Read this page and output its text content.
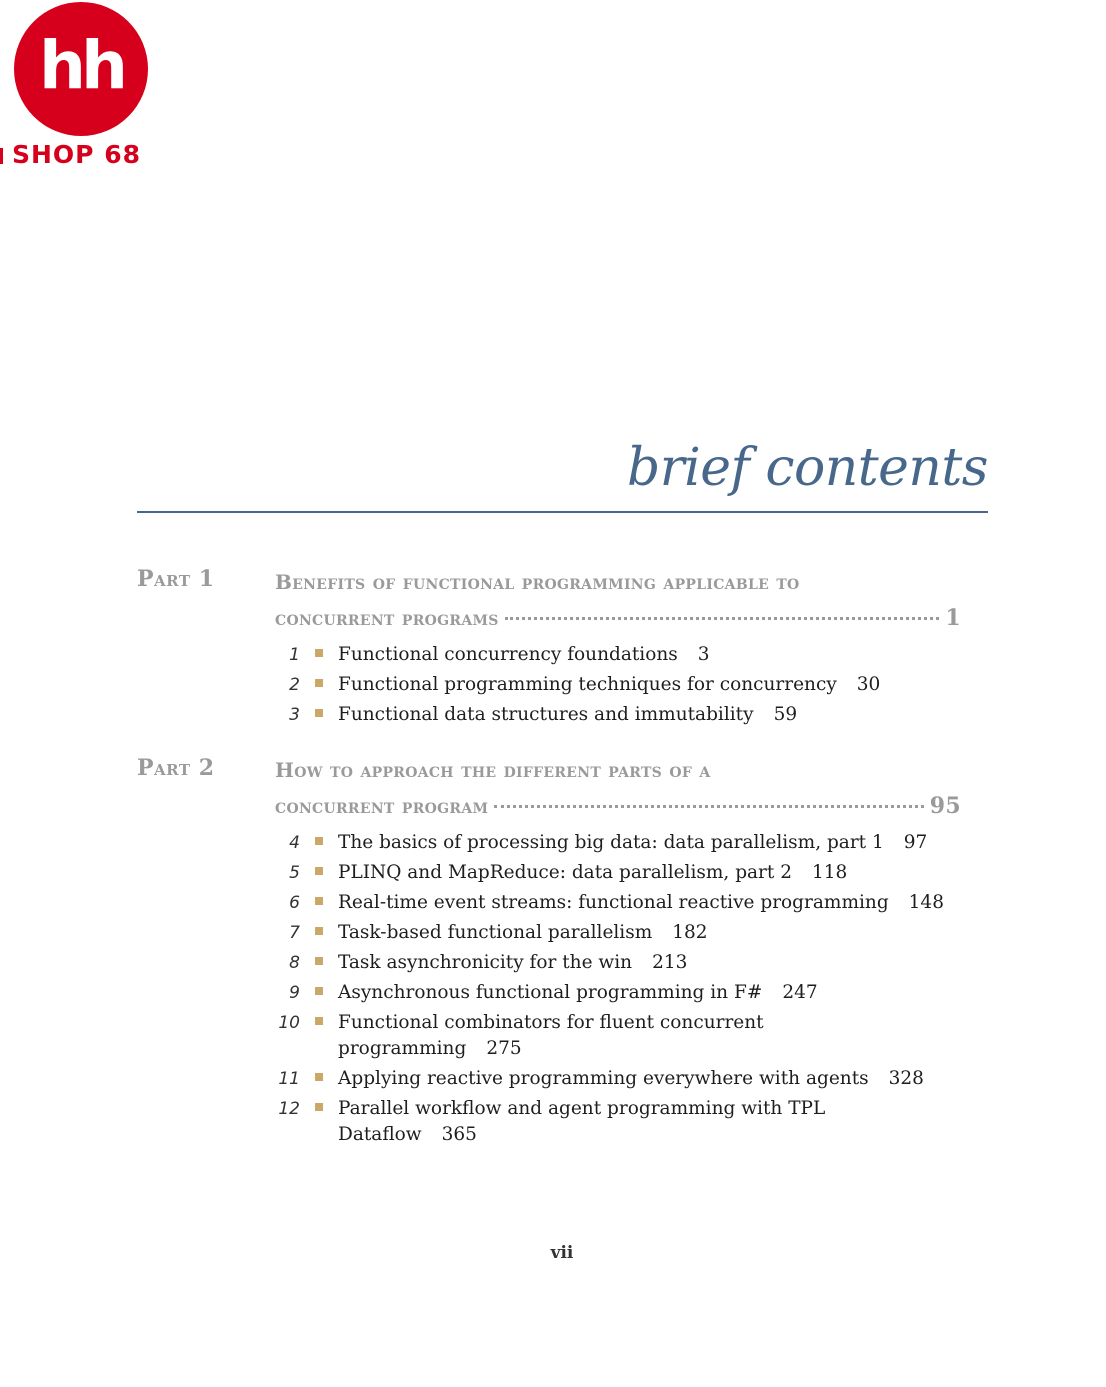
hh
SHOP 68
brief contents
Part 1	Benefits of functional programming applicable to
concurrent programs	1
1 Functional concurrency foundations 3
2 Functional programming techniques for concurrency 30
3 Functional data structures and immutability 59
Part 2	How to approach the different parts of a
concurrent program	95
4 The basics of processing big data: data parallelism, part 1 97
5 PLINQ and MapReduce: data parallelism, part 2 118
6 Real-time event streams: functional reactive programming 148
7 Task-based functional parallelism 182
8 Task asynchronicity for the win 213
9 Asynchronous functional programming in F# 247
10 Functional combinators for fluent concurrent
programming 275
11 Applying reactive programming everywhere with agents 328
12 Parallel workflow and agent programming with TPL
Dataflow 365
vii
